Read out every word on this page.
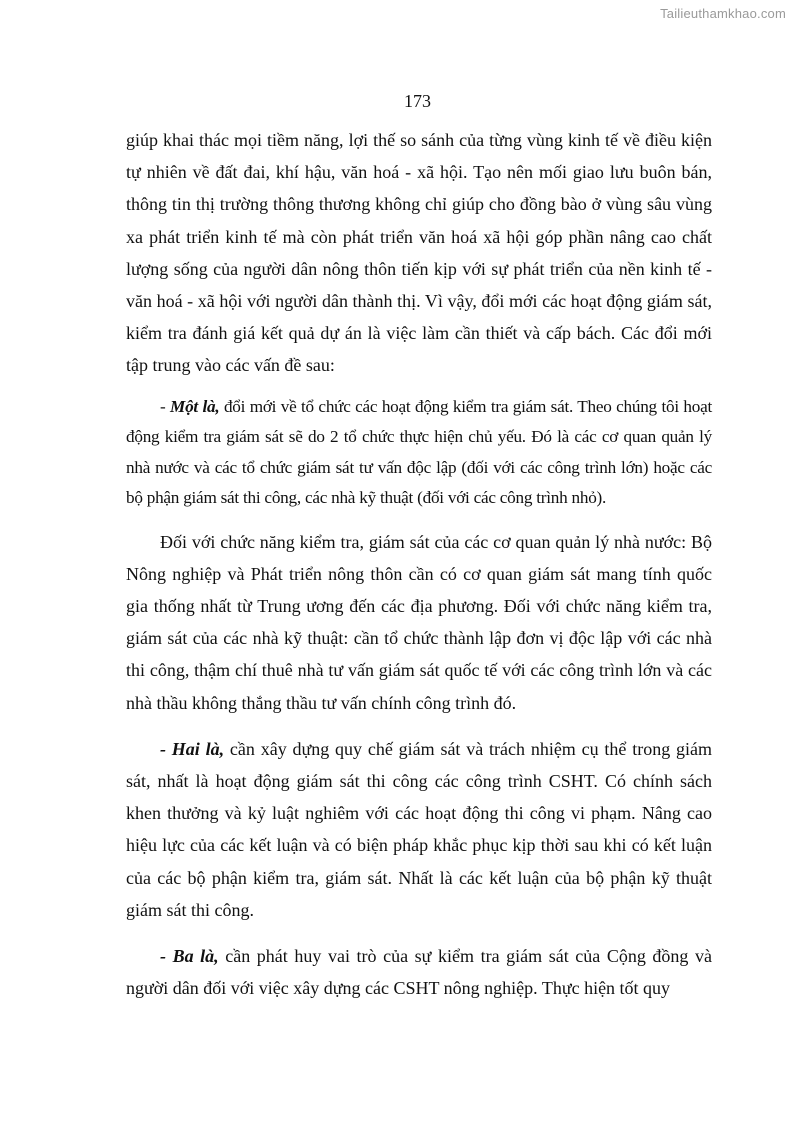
Tailieuthamkhao.com
173

giúp khai thác mọi tiềm năng, lợi thế so sánh của từng vùng kinh tế về điều kiện tự nhiên về đất đai, khí hậu, văn hoá - xã hội. Tạo nên mối giao lưu buôn bán, thông tin thị trường thông thương không chỉ giúp cho đồng bào ở vùng sâu vùng xa phát triển kinh tế mà còn phát triển văn hoá xã hội góp phần nâng cao chất lượng sống của người dân nông thôn tiến kịp với sự phát triển của nền kinh tế - văn hoá - xã hội với người dân thành thị. Vì vậy, đổi mới các hoạt động giám sát, kiểm tra đánh giá kết quả dự án là việc làm cần thiết và cấp bách. Các đổi mới tập trung vào các vấn đề sau:

- Một là, đổi mới về tổ chức các hoạt động kiểm tra giám sát. Theo chúng tôi hoạt động kiểm tra giám sát sẽ do 2 tổ chức thực hiện chủ yếu. Đó là các cơ quan quản lý nhà nước và các tổ chức giám sát tư vấn độc lập (đối với các công trình lớn) hoặc các bộ phận giám sát thi công, các nhà kỹ thuật (đối với các công trình nhỏ).

Đối với chức năng kiểm tra, giám sát của các cơ quan quản lý nhà nước: Bộ Nông nghiệp và Phát triển nông thôn cần có cơ quan giám sát mang tính quốc gia thống nhất từ Trung ương đến các địa phương. Đối với chức năng kiểm tra, giám sát của các nhà kỹ thuật: cần tổ chức thành lập đơn vị độc lập với các nhà thi công, thậm chí thuê nhà tư vấn giám sát quốc tế với các công trình lớn và các nhà thầu không thắng thầu tư vấn chính công trình đó.

- Hai là, cần xây dựng quy chế giám sát và trách nhiệm cụ thể trong giám sát, nhất là hoạt động giám sát thi công các công trình CSHT. Có chính sách khen thưởng và kỷ luật nghiêm với các hoạt động thi công vi phạm. Nâng cao hiệu lực của các kết luận và có biện pháp khắc phục kịp thời sau khi có kết luận của các bộ phận kiểm tra, giám sát. Nhất là các kết luận của bộ phận kỹ thuật giám sát thi công.

- Ba là, cần phát huy vai trò của sự kiểm tra giám sát của Cộng đồng và người dân đối với việc xây dựng các CSHT nông nghiệp. Thực hiện tốt quy
